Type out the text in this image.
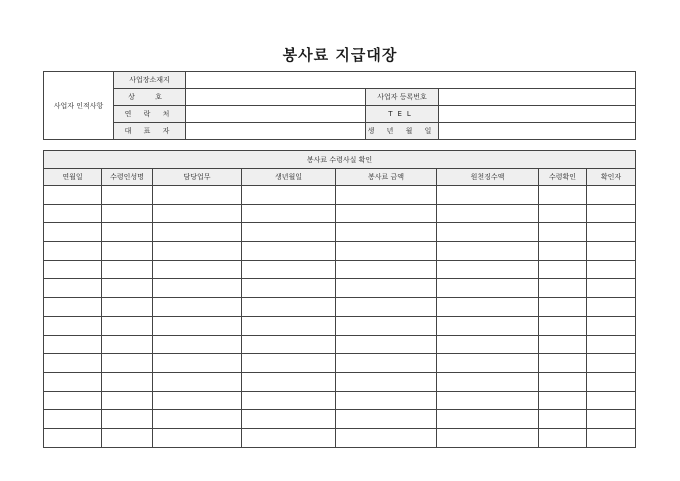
봉사료 지급대장
사업자 인적사항	사업장소재지			
	상 호		사업자 등록번호	
	연 락 처		TEL	
	대 표 자		생 년 월 일	
봉사료 수령사실 확인							
연월일	수령인성명	담당업무	생년월일	봉사료 금액	원천징수액	수령확인	확인자
